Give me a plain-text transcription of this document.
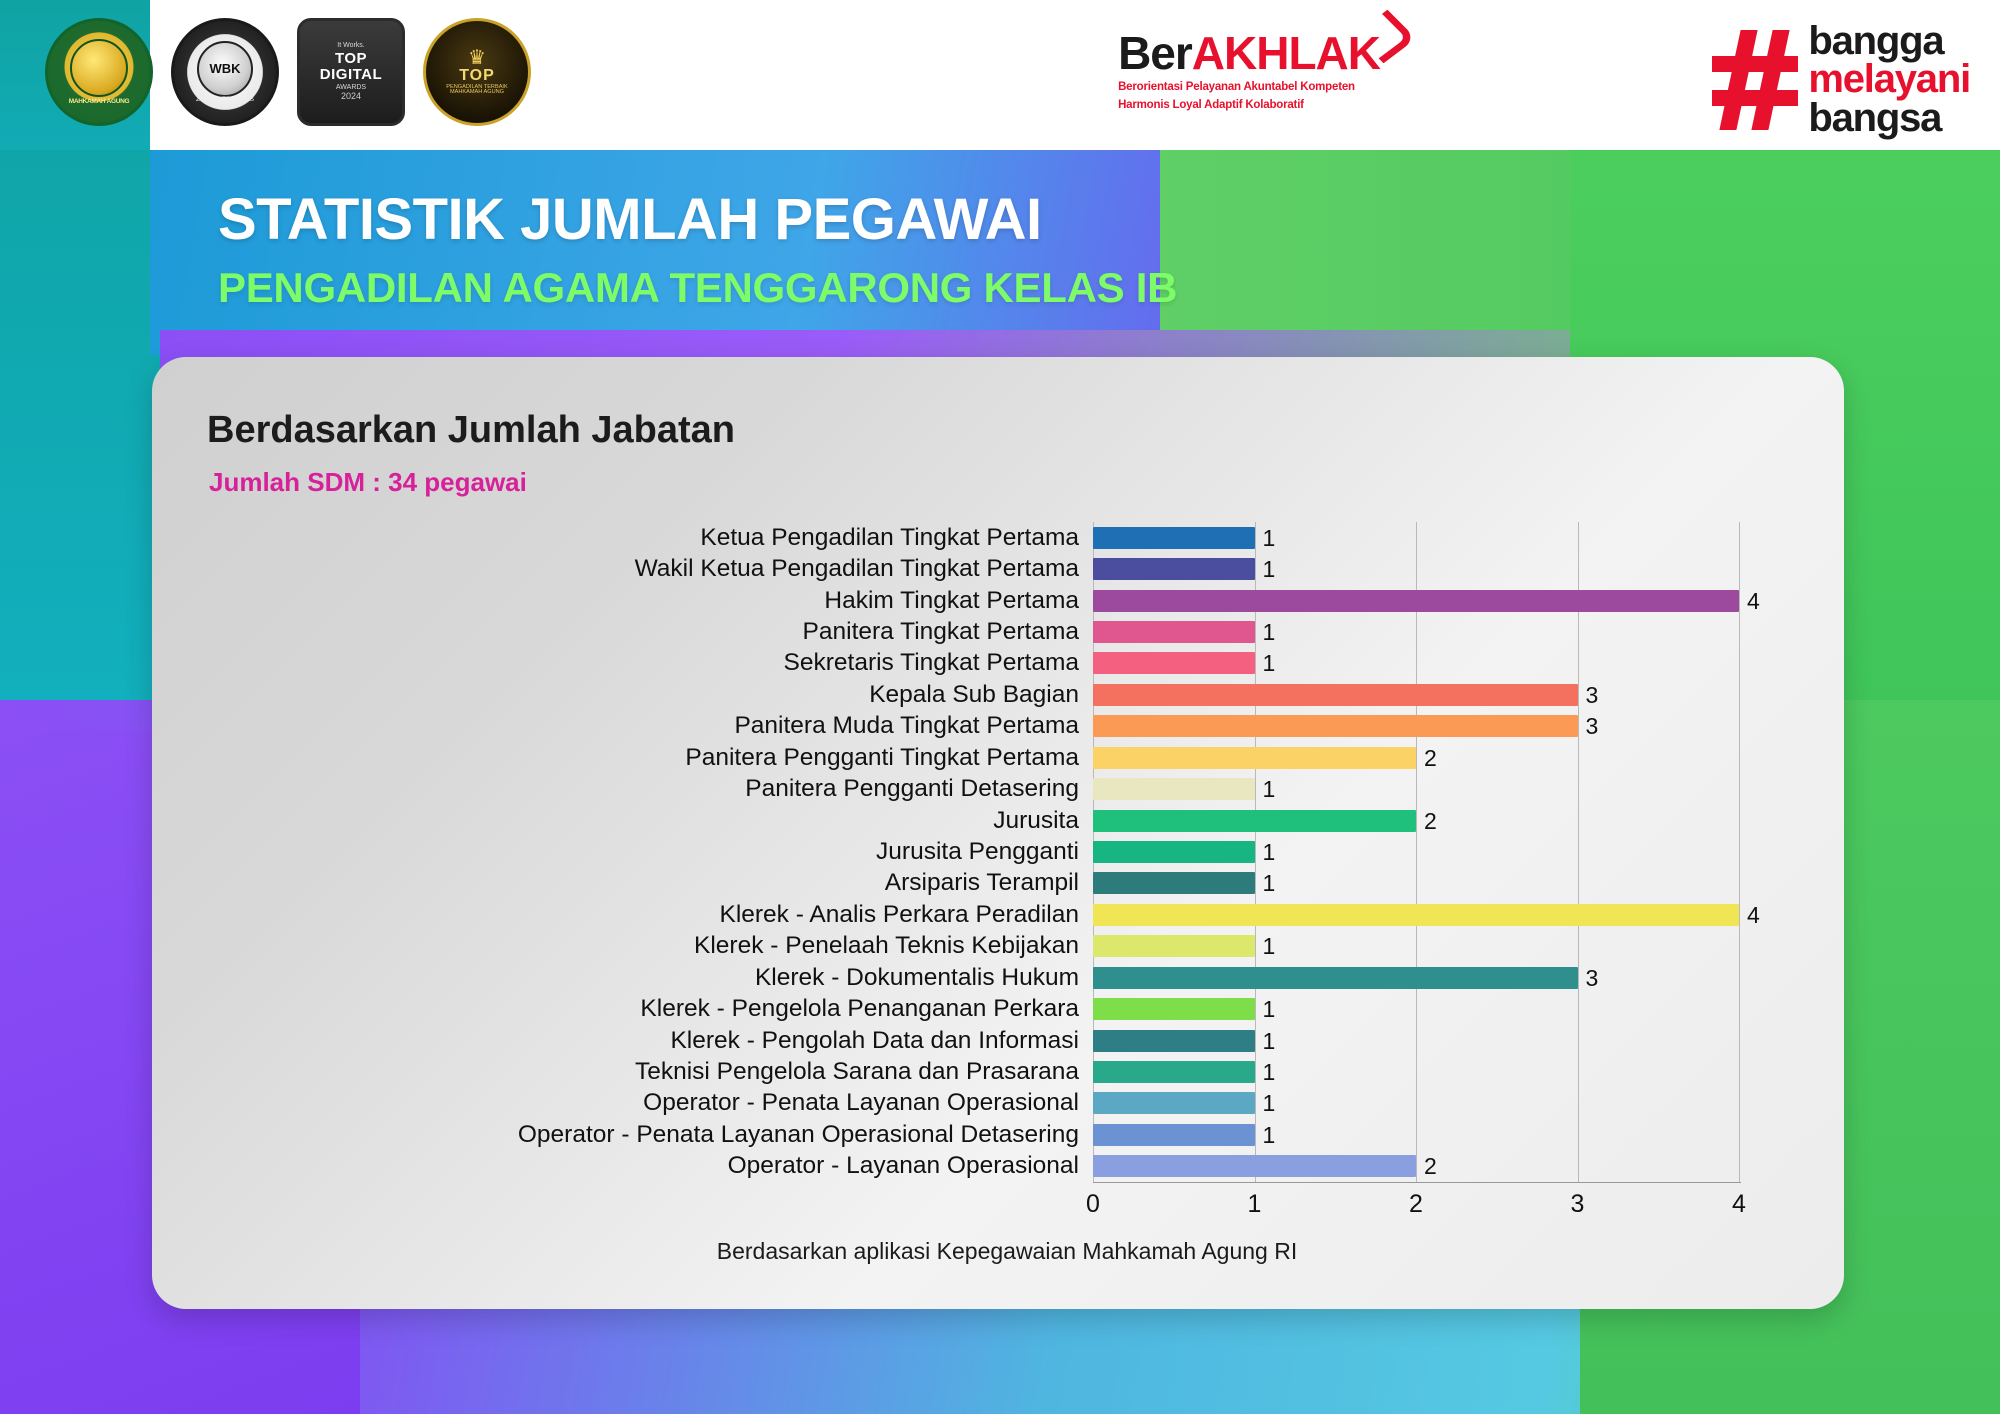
MAHKAMAH AGUNG
WBK
ZONA INTEGRITAS
It Works.
TOP
DIGITAL
AWARDS
2024
♛
TOP
PENGADILAN TERBAIK MAHKAMAH AGUNG
BerAKHLAK
Berorientasi Pelayanan Akuntabel Kompeten
Harmonis Loyal Adaptif Kolaboratif
bangga
melayani
bangsa
STATISTIK JUMLAH PEGAWAI
PENGADILAN AGAMA TENGGARONG KELAS IB
Berdasarkan Jumlah Jabatan
Jumlah SDM : 34 pegawai
Ketua Pengadilan Tingkat Pertama
Wakil Ketua Pengadilan Tingkat Pertama
Hakim Tingkat Pertama
Panitera Tingkat Pertama
Sekretaris Tingkat Pertama
Kepala Sub Bagian
Panitera Muda Tingkat Pertama
Panitera Pengganti Tingkat Pertama
Panitera Pengganti Detasering
Jurusita
Jurusita Pengganti
Arsiparis Terampil
Klerek - Analis Perkara Peradilan
Klerek - Penelaah Teknis Kebijakan
Klerek - Dokumentalis Hukum
Klerek - Pengelola Penanganan Perkara
Klerek - Pengolah Data dan Informasi
Teknisi Pengelola Sarana dan Prasarana
Operator - Penata Layanan Operasional
Operator - Penata Layanan Operasional Detasering
Operator - Layanan Operasional
1
1
4
1
1
3
3
2
1
2
1
1
4
1
3
1
1
1
1
1
2
0	1	2	3	4
Berdasarkan aplikasi Kepegawaian Mahkamah Agung RI
